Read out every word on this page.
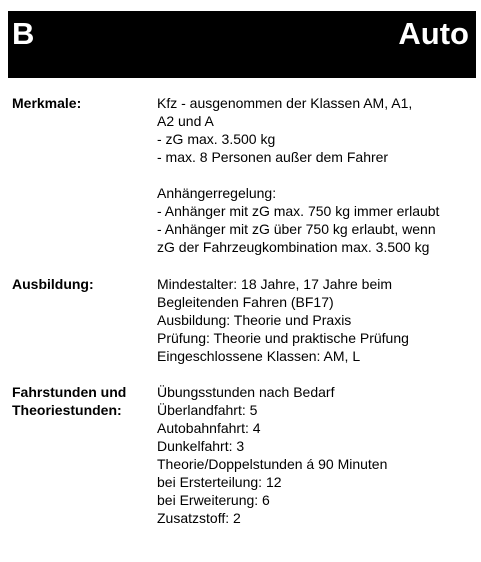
B	Auto
Merkmale:	Kfz - ausgenommen der Klassen AM, A1,
A2 und A
- zG max. 3.500 kg
- max. 8 Personen außer dem Fahrer
Anhängerregelung:
- Anhänger mit zG max. 750 kg immer erlaubt
- Anhänger mit zG über 750 kg erlaubt, wenn
zG der Fahrzeugkombination max. 3.500 kg
Ausbildung:	Mindestalter: 18 Jahre, 17 Jahre beim
Begleitenden Fahren (BF17)
Ausbildung: Theorie und Praxis
Prüfung: Theorie und praktische Prüfung
Eingeschlossene Klassen: AM, L
Fahrstunden und
Theoriestunden:
Übungsstunden nach Bedarf
Überlandfahrt: 5
Autobahnfahrt: 4
Dunkelfahrt: 3
Theorie/Doppelstunden á 90 Minuten
bei Ersterteilung: 12
bei Erweiterung: 6
Zusatzstoff: 2
